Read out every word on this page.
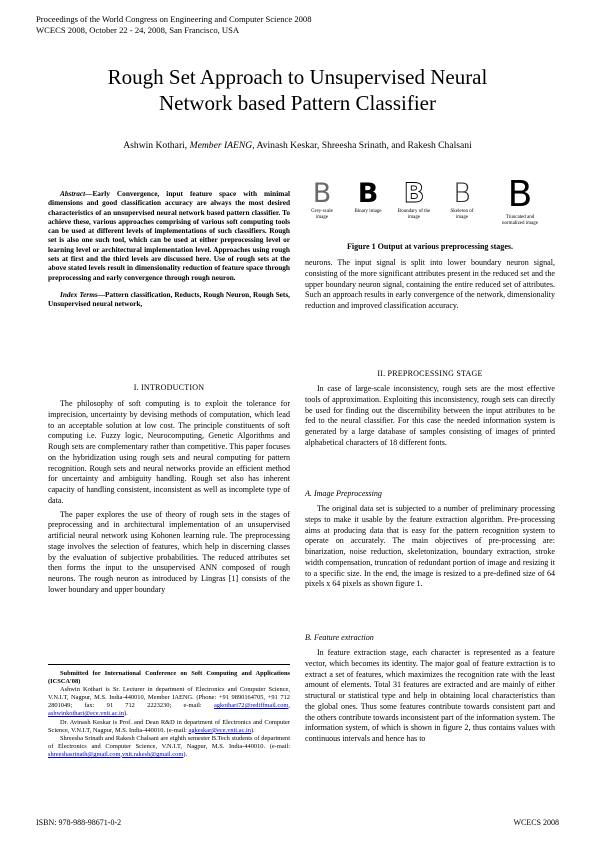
Proceedings of the World Congress on Engineering and Computer Science 2008
WCECS 2008, October 22 - 24, 2008, San Francisco, USA
Rough Set Approach to Unsupervised Neural
Network based Pattern Classifier
Ashwin Kothari, Member IAENG, Avinash Keskar, Shreesha Srinath, and Rakesh Chalsani

Abstract—Early Convergence, input feature space with minimal dimensions and good classification accuracy are always the most desired characteristics of an unsupervised neural network based pattern classifier. To achieve these, various approaches comprising of various soft computing tools can be used at different levels of implementations of such classifiers. Rough set is also one such tool, which can be used at either preprocessing level or learning level or architectural implementation level. Approaches using rough sets at first and the third levels are discussed here. Use of rough sets at the above stated levels result in dimensionality reduction of feature space through preprocessing and early convergence through rough neuron.

Index Terms—Pattern classification, Reducts, Rough Neuron, Rough Sets, Unsupervised neural network,

I. INTRODUCTION

The philosophy of soft computing is to exploit the tolerance for imprecision, uncertainty by devising methods of computation, which lead to an acceptable solution at low cost. The principle constituents of soft computing i.e. Fuzzy logic, Neurocomputing, Genetic Algorithms and Rough sets are complementary rather than competitive. This paper focuses on the hybridization using rough sets and neural computing for pattern recognition. Rough sets and neural networks provide an efficient method for uncertainty and ambiguity handling. Rough set also has inherent capacity of handling consistent, inconsistent as well as incomplete type of data.

The paper explores the use of theory of rough sets in the stages of preprocessing and in architectural implementation of an unsupervised artificial neural network using Kohonen learning rule. The preprocessing stage involves the selection of features, which help in discerning classes by the evaluation of subjective probabilities. The reduced attributes set then forms the input to the unsupervised ANN composed of rough neurons. The rough neuron as introduced by Lingras [1] consists of the lower boundary and upper boundary

Submitted for International Conference on Soft Computing and Applications (ICSCA'08)

Ashwin Kothari is Sr. Lecturer in department of Electronics and Computer Science, V.N.I.T, Nagpur, M.S. India-440010, Member IAENG. (Phone: +91 9890164705, +91 712 2801049; fax: 91 712 2223230; e-mail: agkothari72@rediffmail.com, ashwinkothari@ece.vnit.ac.in).

Dr. Avinash Keskar is Prof. and Dean R&D in department of Electronics and Computer Science, V.N.I.T, Nagpur, M.S. India-440010. (e-mail: agkeskar@ece.vnit.ac.in).

Shreesha Srinath and Rakesh Chalsani are eighth semester B.Tech students of department of Electronics and Computer Science, V.N.I.T, Nagpur, M.S. India-440010. (e-mail: shreeshasrinath@gmail.com,vnit.rakesh@gmail.com).

B
Grey-scale image
B
Binary image
B
Boundary of the image
B
Skeleton of image
B
Truncated and normalized image
Figure 1 Output at various preprocessing stages.

neurons. The input signal is split into lower boundary neuron signal, consisting of the more significant attributes present in the reduced set and the upper boundary neuron signal, containing the entire reduced set of attributes. Such an approach results in early convergence of the network, dimensionality reduction and improved classification accuracy.

II. PREPROCESSING STAGE

In case of large-scale inconsistency, rough sets are the most effective tools of approximation. Exploiting this inconsistency, rough sets can directly be used for finding out the discernibility between the input attributes to be fed to the neural classifier. For this case the needed information system is generated by a large database of samples consisting of images of printed alphabetical characters of 18 different fonts.

A. Image Preprocessing

The original data set is subjected to a number of preliminary processing steps to make it usable by the feature extraction algorithm. Pre-processing aims at producing data that is easy for the pattern recognition system to operate on accurately. The main objectives of pre-processing are: binarization, noise reduction, skeletonization, boundary extraction, stroke width compensation, truncation of redundant portion of image and resizing it to a specific size. In the end, the image is resized to a pre-defined size of 64 pixels x 64 pixels as shown figure 1.

B. Feature extraction

In feature extraction stage, each character is represented as a feature vector, which becomes its identity. The major goal of feature extraction is to extract a set of features, which maximizes the recognition rate with the least amount of elements. Total 31 features are extracted and are mainly of either structural or statistical type and help in obtaining local characteristics than the global ones. Thus some features contribute towards consistent part and the others contribute towards inconsistent part of the information system. The information system, of which is shown in figure 2, thus contains values with continuous intervals and hence has to

ISBN: 978-988-98671-0-2	WCECS 2008
